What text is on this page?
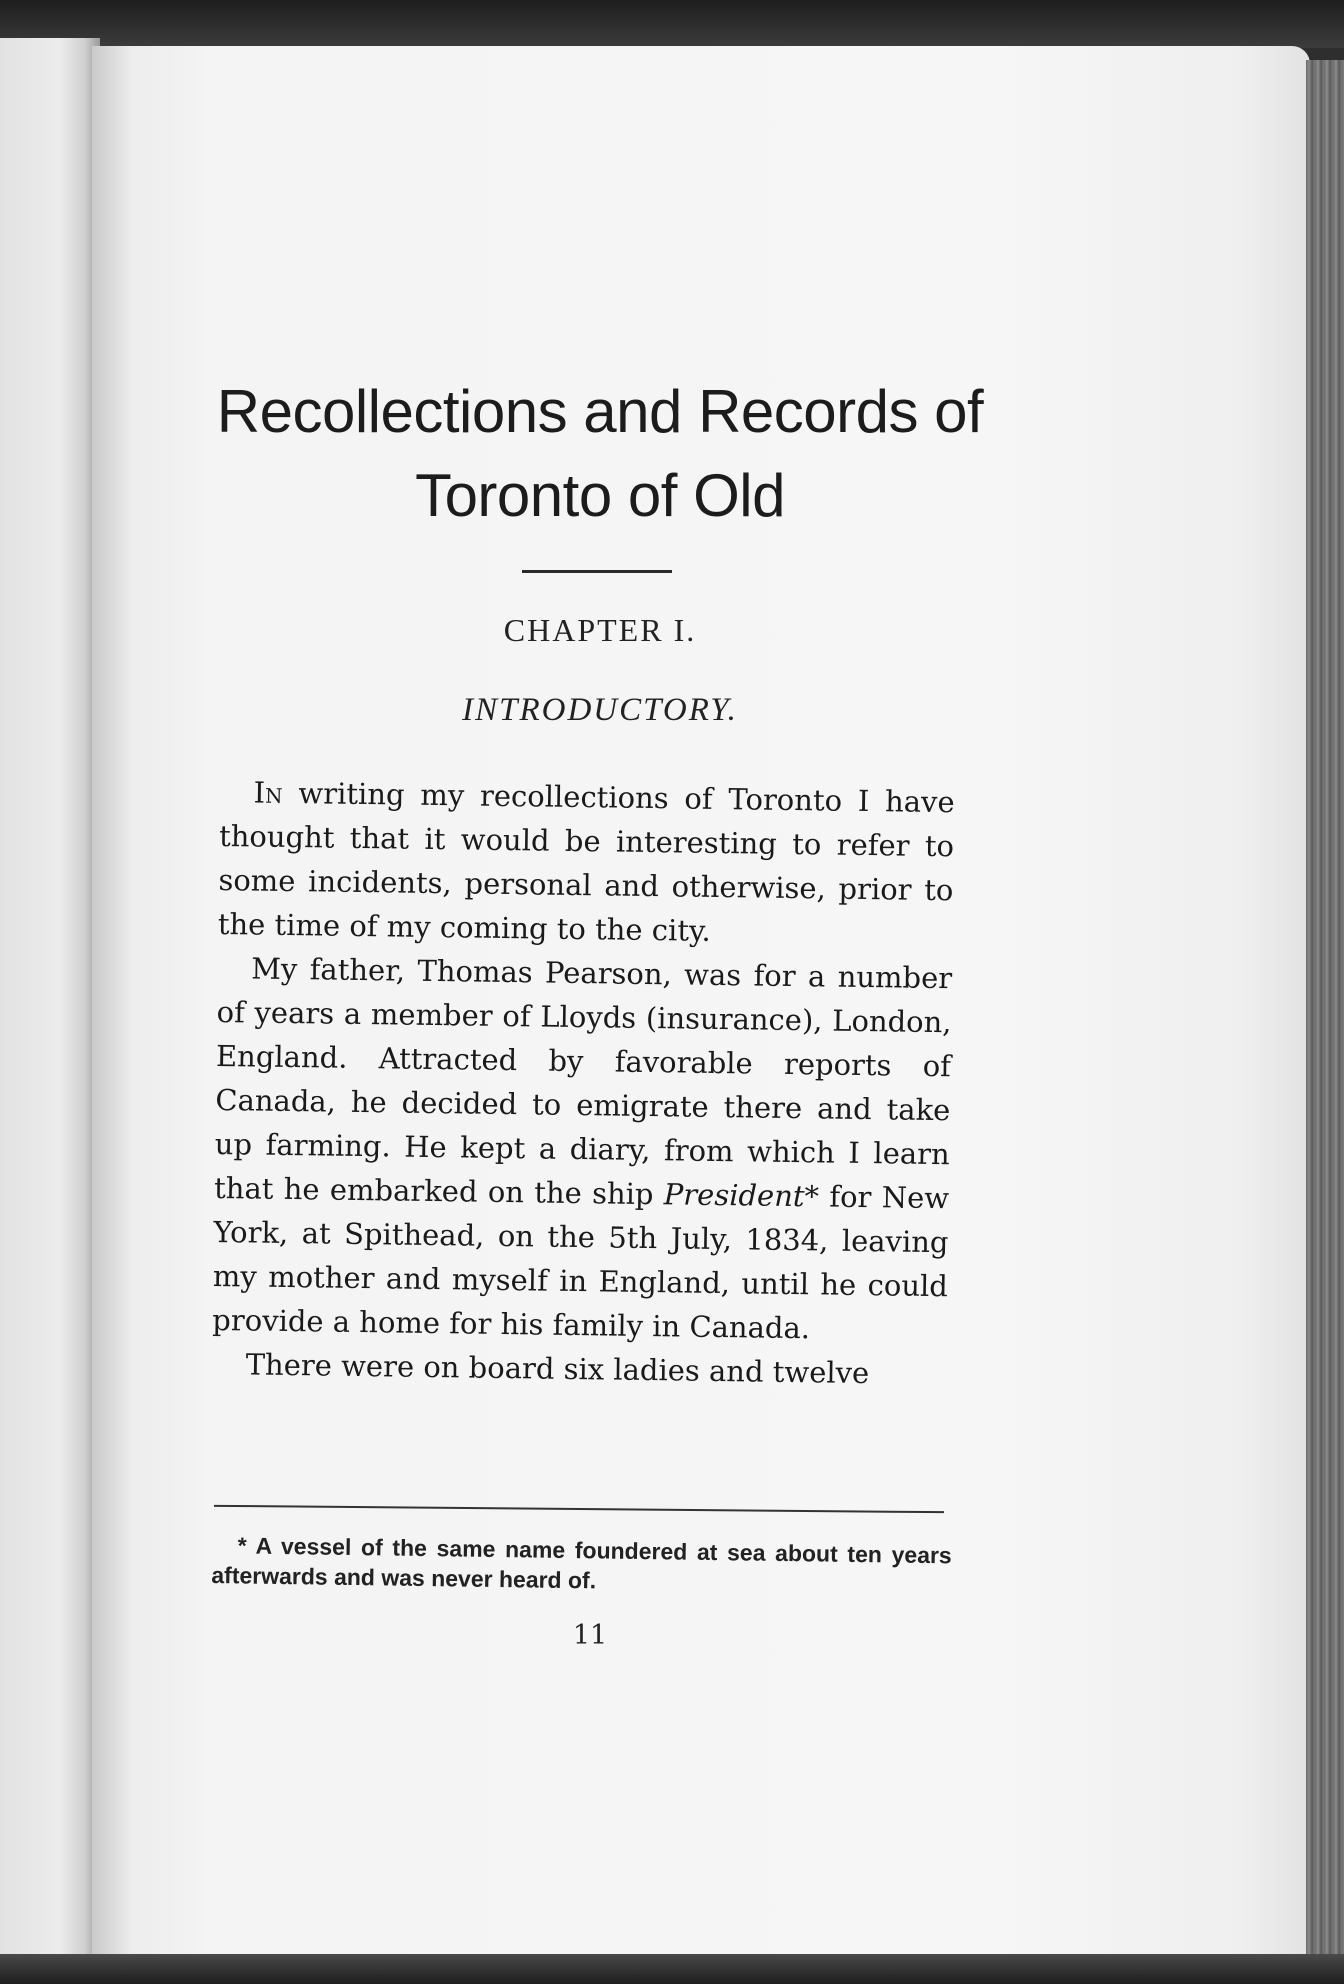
Recollections and Records of
Toronto of Old
CHAPTER I.
INTRODUCTORY.

In writing my recollections of Toronto I have thought that it would be interesting to refer to some incidents, personal and otherwise, prior to the time of my coming to the city.

My father, Thomas Pearson, was for a number of years a member of Lloyds (insurance), London, England. Attracted by favorable reports of Canada, he decided to emigrate there and take up farming. He kept a diary, from which I learn that he embarked on the ship President* for New York, at Spithead, on the 5th July, 1834, leaving my mother and myself in England, until he could provide a home for his family in Canada.

There were on board six ladies and twelve

* A vessel of the same name foundered at sea about ten years afterwards and was never heard of.
11
